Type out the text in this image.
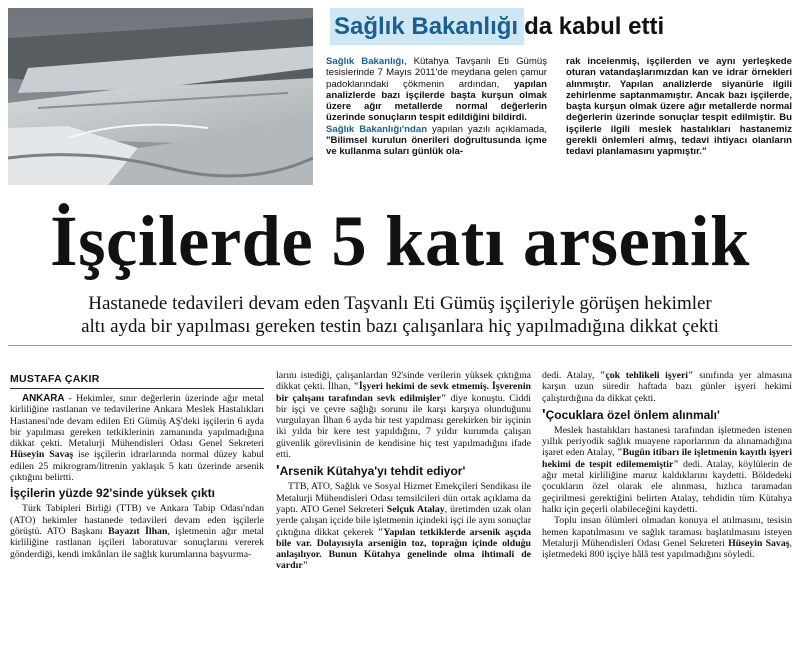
Sağlık Bakanlığıda kabul etti

Sağlık Bakanlığı, Kütahya Tavşanlı Eti Gümüş tesislerinde 7 Mayıs 2011'de meydana gelen çamur padoklarındaki çökmenin ardından, yapılan analizlerde bazı işçilerde başta kurşun olmak üzere ağır metallerde normal değerlerin üzerinde sonuçların tespit edildiğini bildirdi.

Sağlık Bakanlığı'ndan yapılan yazılı açıklamada, "Bilimsel kurulun önerileri doğrultusunda içme ve kullanma suları günlük ola-

rak incelenmiş, işçilerden ve aynı yerleşkede oturan vatandaşlarımızdan kan ve idrar örnekleri alınmıştır. Yapılan analizlerde siyanürle ilgili zehirlenme saptanmamıştır. Ancak bazı işçilerde, başta kurşun olmak üzere ağır metallerde normal değerlerin üzerinde sonuçlar tespit edilmiştir. Bu işçilerle ilgili meslek hastalıkları hastanemiz gerekli önlemleri almış, tedavi ihtiyacı olanların tedavi planlamasını yapmıştır."

İşçilerde 5 katı arsenik
Hastanede tedavileri devam eden Taşvanlı Eti Gümüş işçileriyle görüşen hekimler
altı ayda bir yapılması gereken testin bazı çalışanlara hiç yapılmadığına dikkat çekti
MUSTAFA ÇAKIR

ANKARA - Hekimler, sınır değerlerin üzerinde ağır metal kirliliğine rastlanan ve tedavilerine Ankara Meslek Hastalıkları Hastanesi'nde devam edilen Eti Gümüş AŞ'deki işçilerin 6 ayda bir yapılması gereken tetkiklerinin zamanında yapılmadığına dikkat çekti. Metalurji Mühendisleri Odası Genel Sekreteri Hüseyin Savaş ise işçilerin idrarlarında normal düzey kabul edilen 25 mikrogram/litrenin yaklaşık 5 katı üzerinde arsenik çıktığını belirtti.

İşçilerin yüzde 92'sinde yüksek çıktı

Türk Tabipleri Birliği (TTB) ve Ankara Tabip Odası'ndan (ATO) hekimler hastanede tedavileri devam eden işçilerle görüştü. ATO Başkanı Bayazıt İlhan, işletmenin ağır metal kirliliğine rastlanan işçileri laboratuvar sonuçlarını vererek gönderdiği, kendi imkânları ile sağlık kurumlarına başvurma-

larını istediği, çalışanlardan 92'sinde verilerin yüksek çıktığına dikkat çekti. İlhan, "İşyeri hekimi de sevk etmemiş. İşverenin bir çalışanı tarafından sevk edilmişler" diye konuştu. Ciddi bir işçi ve çevre sağlığı sorunu ile karşı karşıya olunduğunu vurgulayan İlhan 6 ayda bir test yapılması gerekirken bir işçinin iki yılda bir kere test yapıldığını, 7 yıldır kurumda çalışan güvenlik görevlisinin de kendisine hiç test yapılmadığını ifade etti.

'Arsenik Kütahya'yı tehdit ediyor'

TTB, ATO, Sağlık ve Sosyal Hizmet Emekçileri Sendikası ile Metalurji Mühendisleri Odası temsilcileri dün ortak açıklama da yaptı. ATO Genel Sekreteri Selçuk Atalay, üretimden uzak olan yerde çalışan içcide bile işletmenin içindeki işçi ile aynı sonuçlar çıktığına dikkat çekerek "Yapılan tetkiklerde arsenik aşçıda bile var. Dolayısıyla arseniğin toz, toprağın içinde olduğu anlaşılıyor. Bunun Kütahya genelinde olma ihtimali de vardır"

dedi. Atalay, "çok tehlikeli işyeri" sınıfında yer almasına karşın uzun süredir haftada bazı günler işyeri hekimi çalıştırdığına da dikkat çekti.

'Çocuklara özel önlem alınmalı'

Meslek hastalıkları hastanesi tarafından işletmeden istenen yıllık periyodik sağlık muayene raporlarının da alınamadığına işaret eden Atalay, "Bugün itibarı ile işletmenin kayıtlı işyeri hekimi de tespit edilememiştir" dedi. Atalay, köylülerin de ağır metal kirliliğine maruz kaldıklarını kaydetti. Böldedeki çocukların özel olarak ele alınması, hızlıca taramadan geçirilmesi gerektiğini belirten Atalay, tehdidin tüm Kütahya halkı için geçerli olabileceğini kaydetti.

Toplu insan ölümleri olmadan konuya el atılmasını, tesisin hemen kapatılmasını ve sağlık taraması başlatılmasını isteyen Metalurji Mühendisleri Odası Genel Sekreteri Hüseyin Savaş, işletmedeki 800 işçiye hâlâ test yapılmadığını söyledi.
